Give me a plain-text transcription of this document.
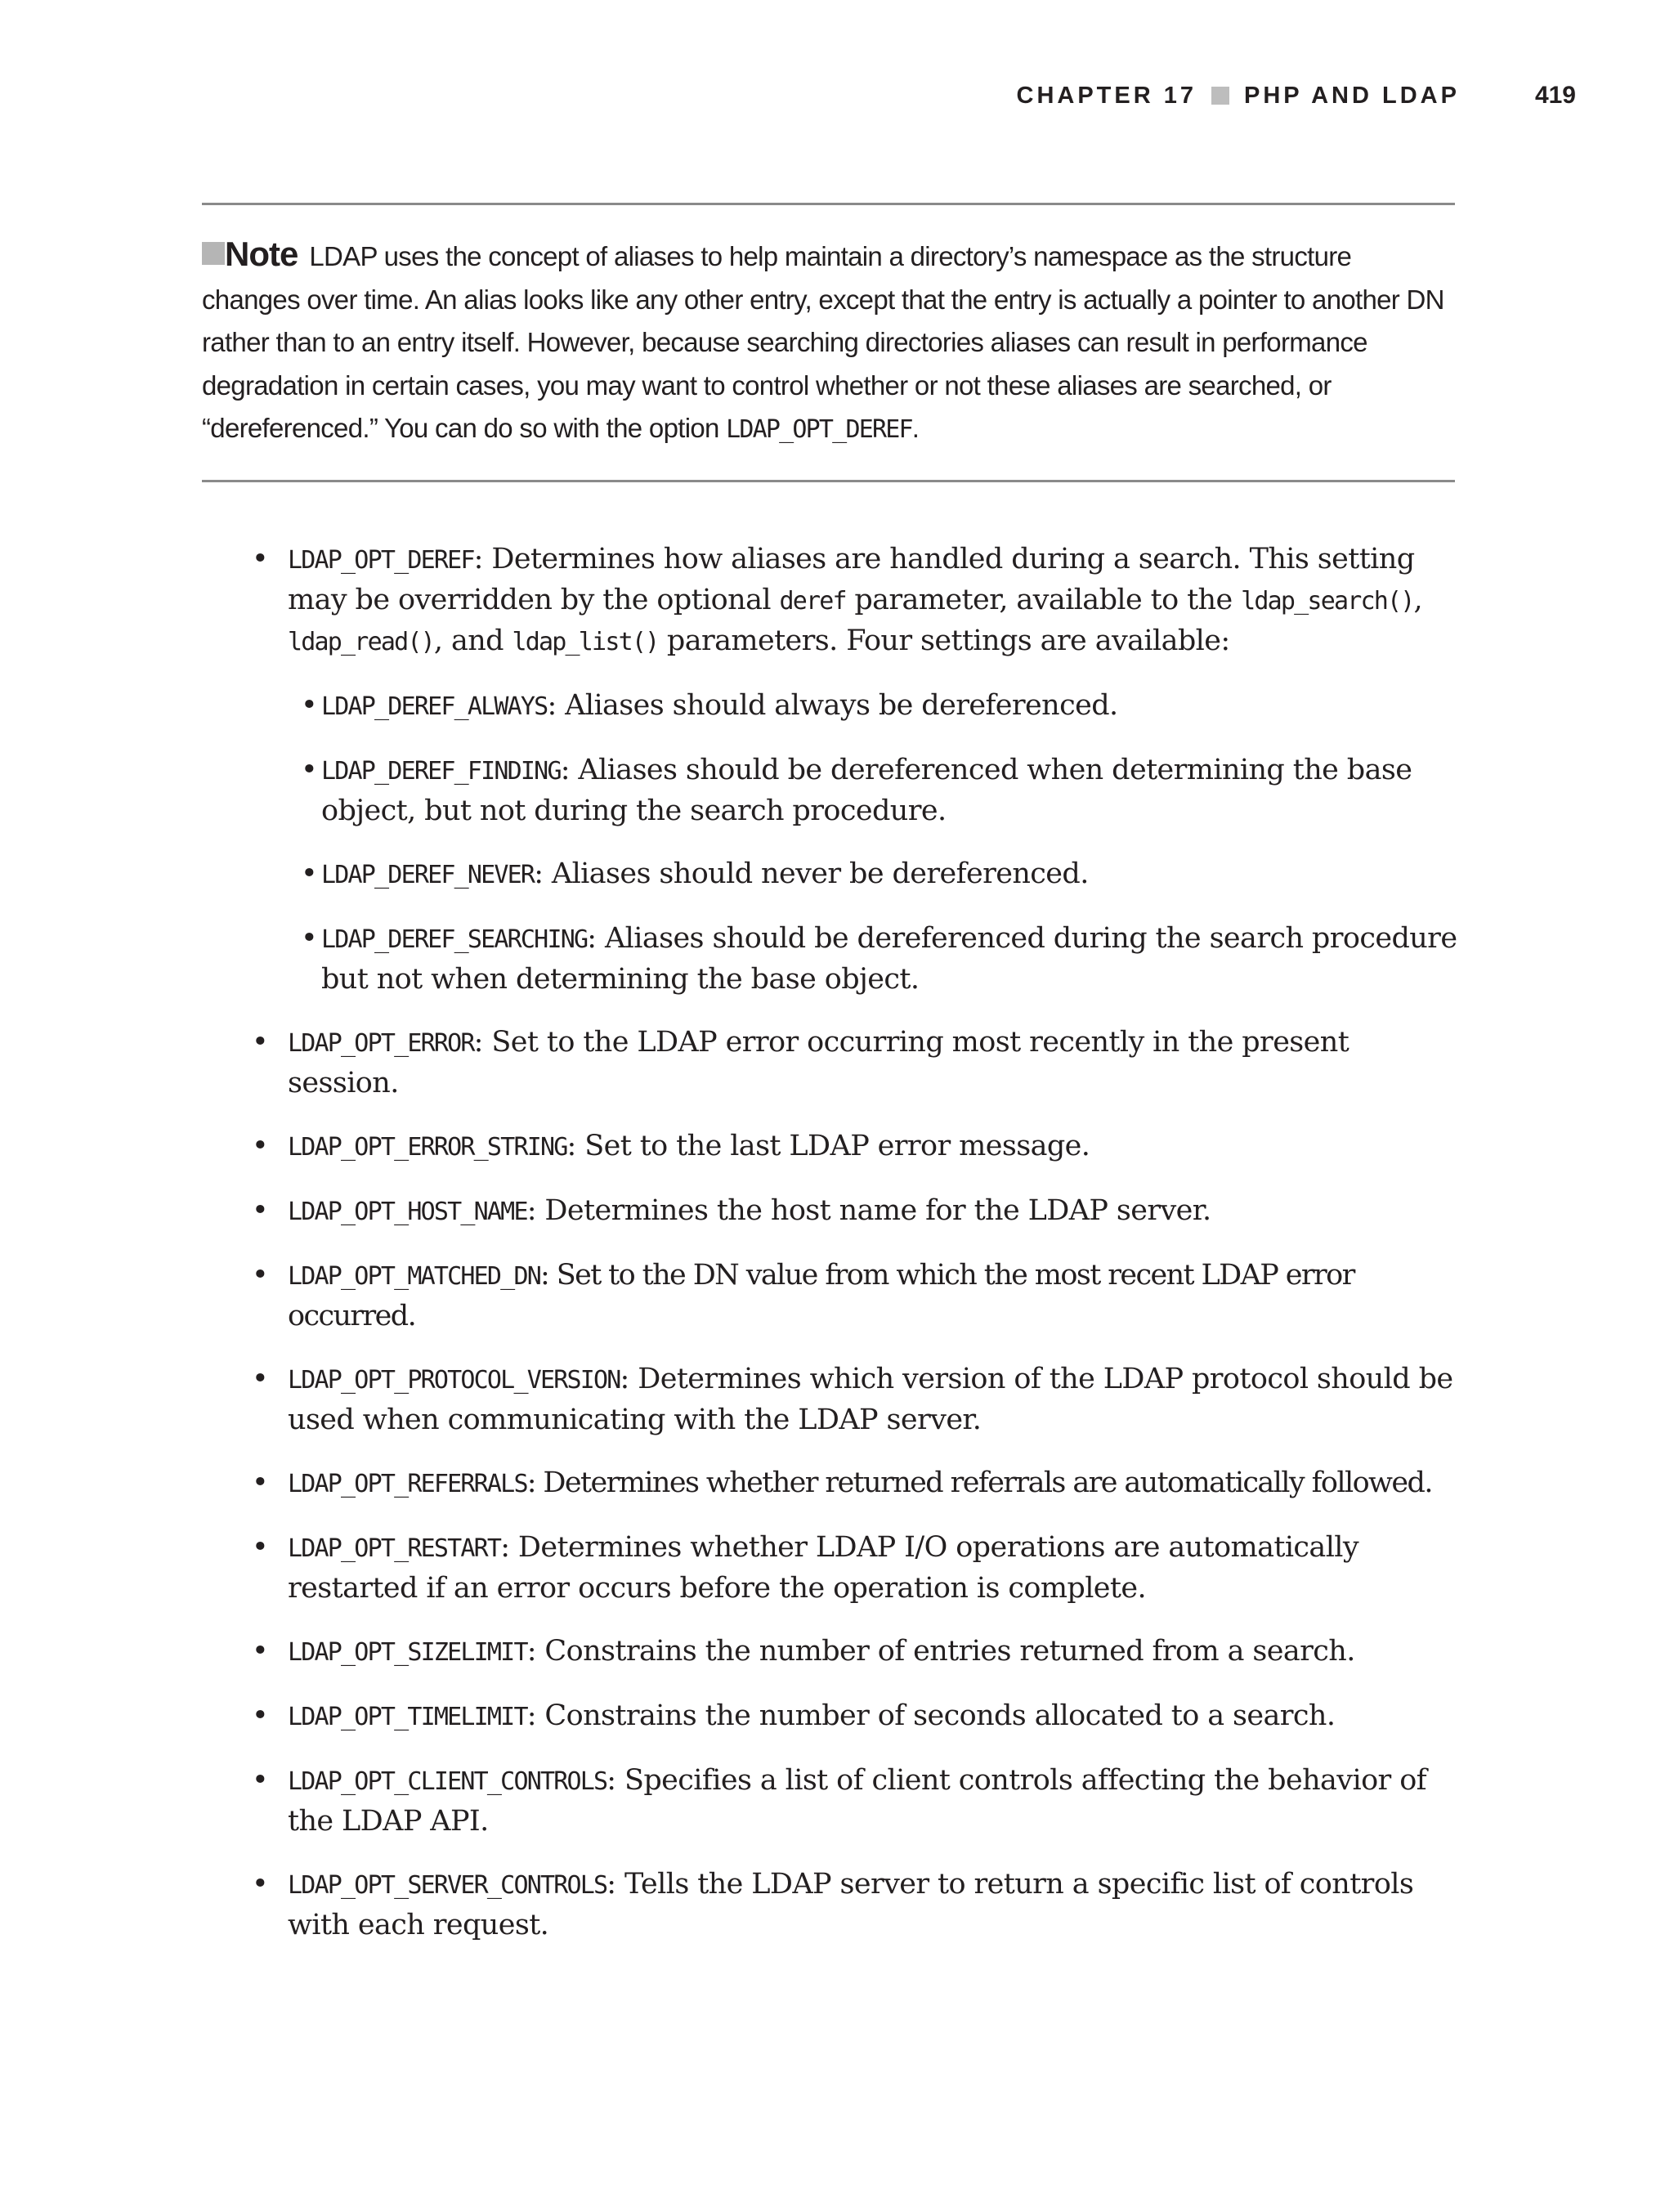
CHAPTER 17 PHP AND LDAP	419

Note LDAP uses the concept of aliases to help maintain a directory’s namespace as the structure changes over time. An alias looks like any other entry, except that the entry is actually a pointer to another DN rather than to an entry itself. However, because searching directories aliases can result in performance degradation in certain cases, you may want to control whether or not these aliases are searched, or “dereferenced.” You can do so with the option LDAP_OPT_DEREF.

• LDAP_OPT_DEREF: Determines how aliases are handled during a search. This setting may be overridden by the optional deref parameter, available to the ldap_search(), ldap_read(), and ldap_list() parameters. Four settings are available:
• LDAP_DEREF_ALWAYS: Aliases should always be dereferenced.
• LDAP_DEREF_FINDING: Aliases should be dereferenced when determining the base object, but not during the search procedure.
• LDAP_DEREF_NEVER: Aliases should never be dereferenced.
• LDAP_DEREF_SEARCHING: Aliases should be dereferenced during the search procedure but not when determining the base object.
• LDAP_OPT_ERROR: Set to the LDAP error occurring most recently in the present session.
• LDAP_OPT_ERROR_STRING: Set to the last LDAP error message.
• LDAP_OPT_HOST_NAME: Determines the host name for the LDAP server.
• LDAP_OPT_MATCHED_DN: Set to the DN value from which the most recent LDAP error occurred.
• LDAP_OPT_PROTOCOL_VERSION: Determines which version of the LDAP protocol should be used when communicating with the LDAP server.
• LDAP_OPT_REFERRALS: Determines whether returned referrals are automatically followed.
• LDAP_OPT_RESTART: Determines whether LDAP I/O operations are automatically restarted if an error occurs before the operation is complete.
• LDAP_OPT_SIZELIMIT: Constrains the number of entries returned from a search.
• LDAP_OPT_TIMELIMIT: Constrains the number of seconds allocated to a search.
• LDAP_OPT_CLIENT_CONTROLS: Specifies a list of client controls affecting the behavior of the LDAP API.
• LDAP_OPT_SERVER_CONTROLS: Tells the LDAP server to return a specific list of controls with each request.
